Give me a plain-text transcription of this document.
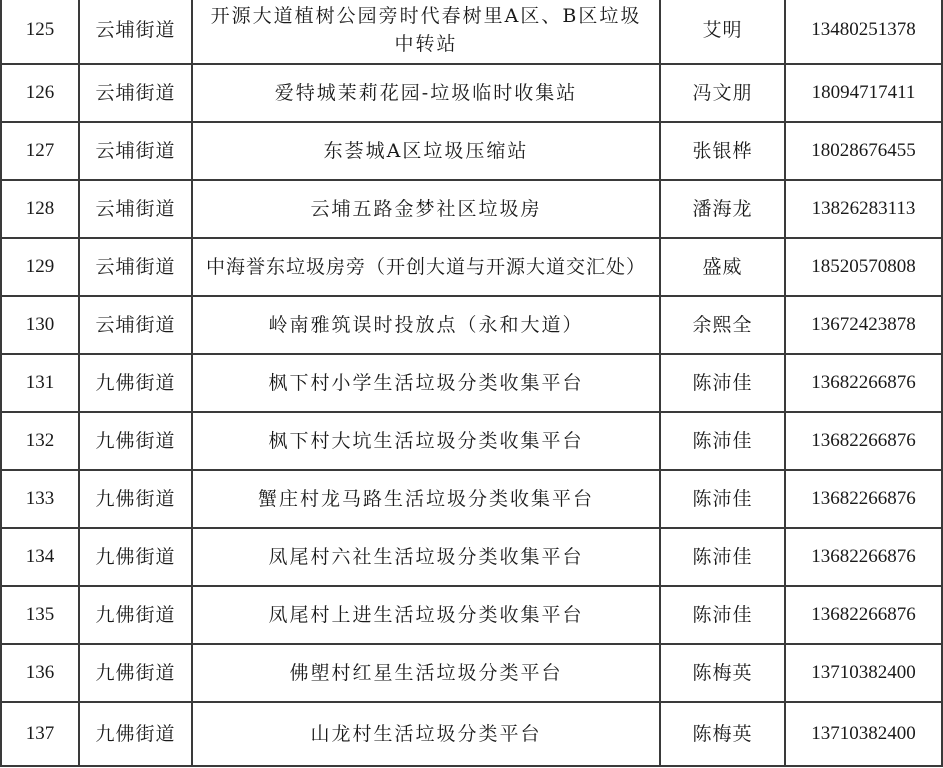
125	云埔街道	开源大道植树公园旁时代春树里A区、B区垃圾中转站	艾明	13480251378
126	云埔街道	爱特城茉莉花园-垃圾临时收集站	冯文朋	18094717411
127	云埔街道	东荟城A区垃圾压缩站	张银桦	18028676455
128	云埔街道	云埔五路金梦社区垃圾房	潘海龙	13826283113
129	云埔街道	中海誉东垃圾房旁（开创大道与开源大道交汇处）	盛威	18520570808
130	云埔街道	岭南雅筑误时投放点（永和大道）	余熙全	13672423878
131	九佛街道	枫下村小学生活垃圾分类收集平台	陈沛佳	13682266876
132	九佛街道	枫下村大坑生活垃圾分类收集平台	陈沛佳	13682266876
133	九佛街道	蟹庄村龙马路生活垃圾分类收集平台	陈沛佳	13682266876
134	九佛街道	凤尾村六社生活垃圾分类收集平台	陈沛佳	13682266876
135	九佛街道	凤尾村上进生活垃圾分类收集平台	陈沛佳	13682266876
136	九佛街道	佛塱村红星生活垃圾分类平台	陈梅英	13710382400
137	九佛街道	山龙村生活垃圾分类平台	陈梅英	13710382400
